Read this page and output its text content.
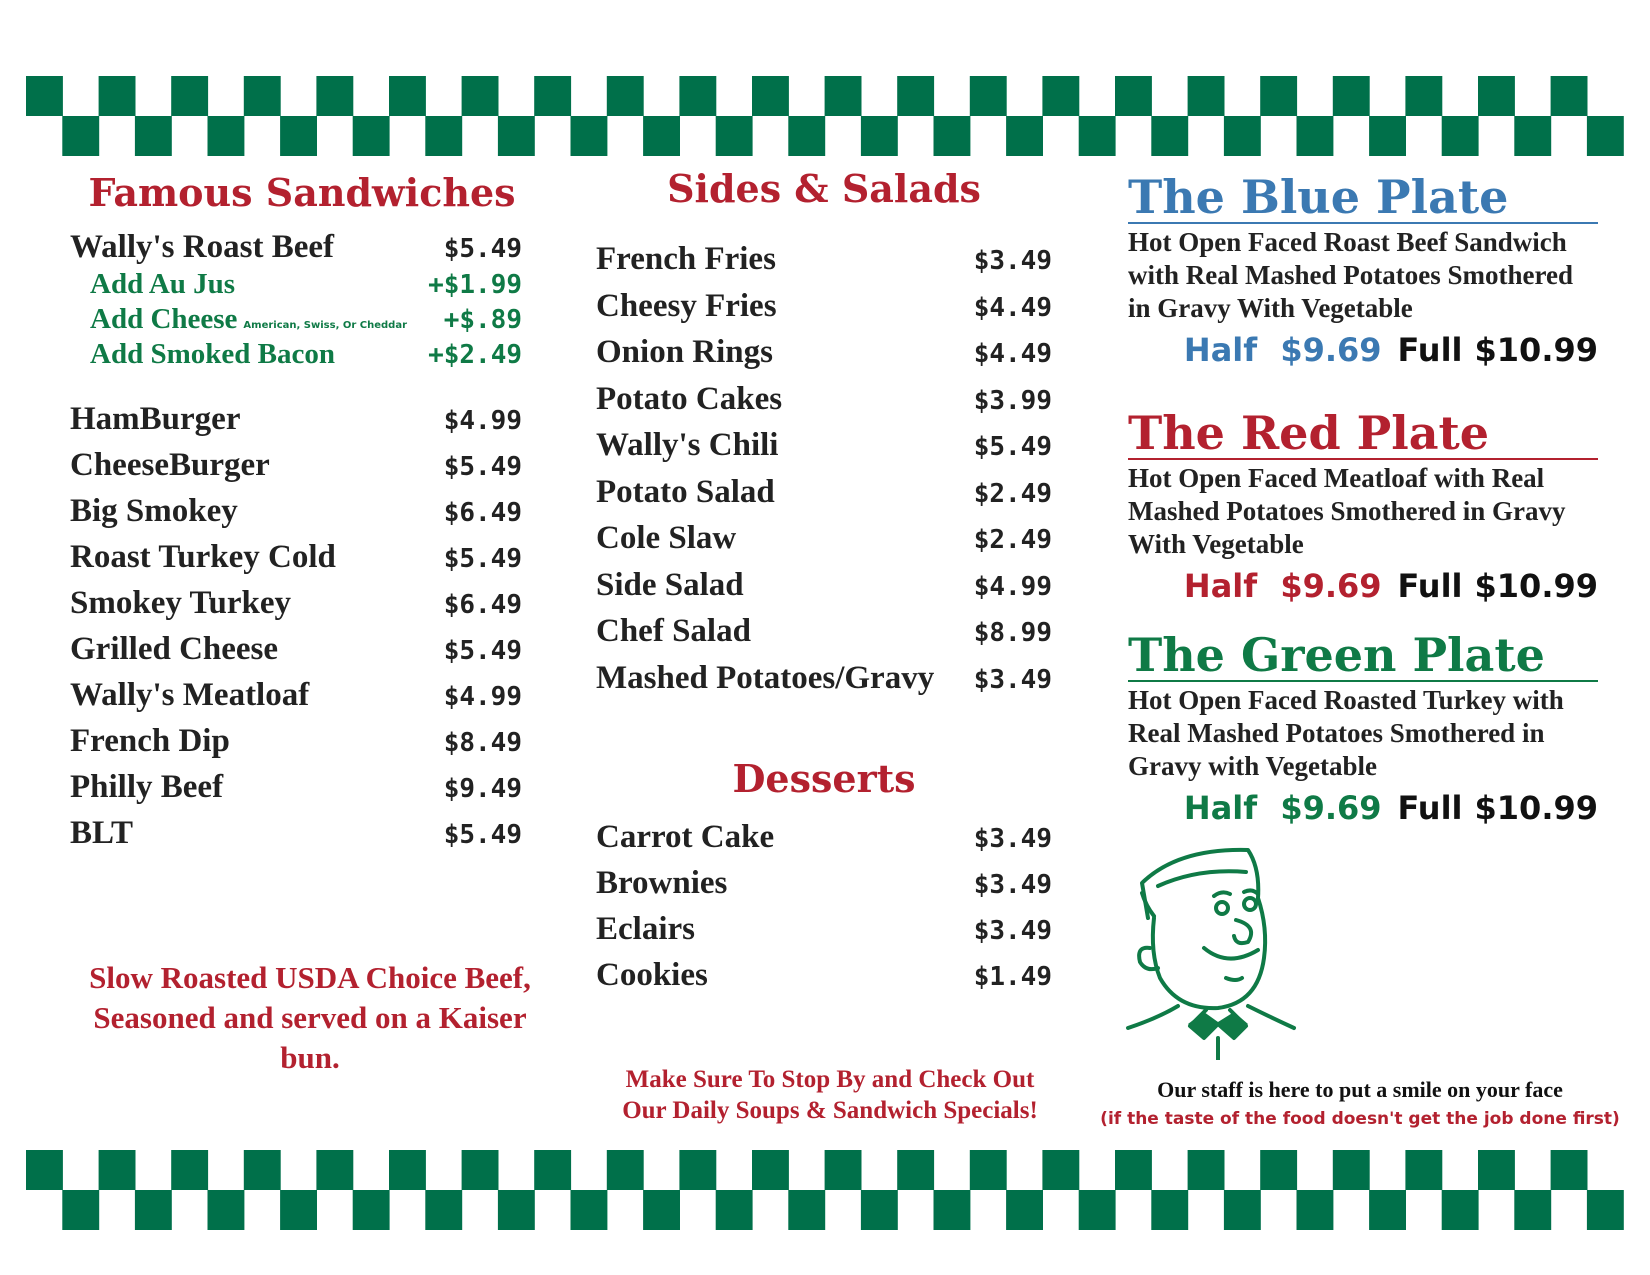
Famous Sandwiches
Wally's Roast Beef	$5.49
Add Au Jus	+$1.99
Add Cheese American, Swiss, Or Cheddar +$.89
Add Smoked Bacon	+$2.49
HamBurger	$4.99
CheeseBurger	$5.49
Big Smokey	$6.49
Roast Turkey Cold	$5.49
Smokey Turkey	$6.49
Grilled Cheese	$5.49
Wally's Meatloaf	$4.99
French Dip	$8.49
Philly Beef	$9.49
BLT	$5.49
Slow Roasted USDA Choice Beef, Seasoned and served on a Kaiser bun.
Sides & Salads
French Fries	$3.49
Cheesy Fries	$4.49
Onion Rings	$4.49
Potato Cakes	$3.99
Wally's Chili	$5.49
Potato Salad	$2.49
Cole Slaw	$2.49
Side Salad	$4.99
Chef Salad	$8.99
Mashed Potatoes/Gravy $3.49
Desserts
Carrot Cake	$3.49
Brownies	$3.49
Eclairs	$3.49
Cookies	$1.49
Make Sure To Stop By and Check Out
Our Daily Soups & Sandwich Specials!
The Blue Plate
Hot Open Faced Roast Beef Sandwich with Real Mashed Potatoes Smothered in Gravy With Vegetable
Half $9.69 Full $10.99
The Red Plate
Hot Open Faced Meatloaf with Real Mashed Potatoes Smothered in Gravy With Vegetable
Half $9.69 Full $10.99
The Green Plate
Hot Open Faced Roasted Turkey with Real Mashed Potatoes Smothered in Gravy with Vegetable
Half $9.69 Full $10.99
Our staff is here to put a smile on your face
(if the taste of the food doesn't get the job done first)
